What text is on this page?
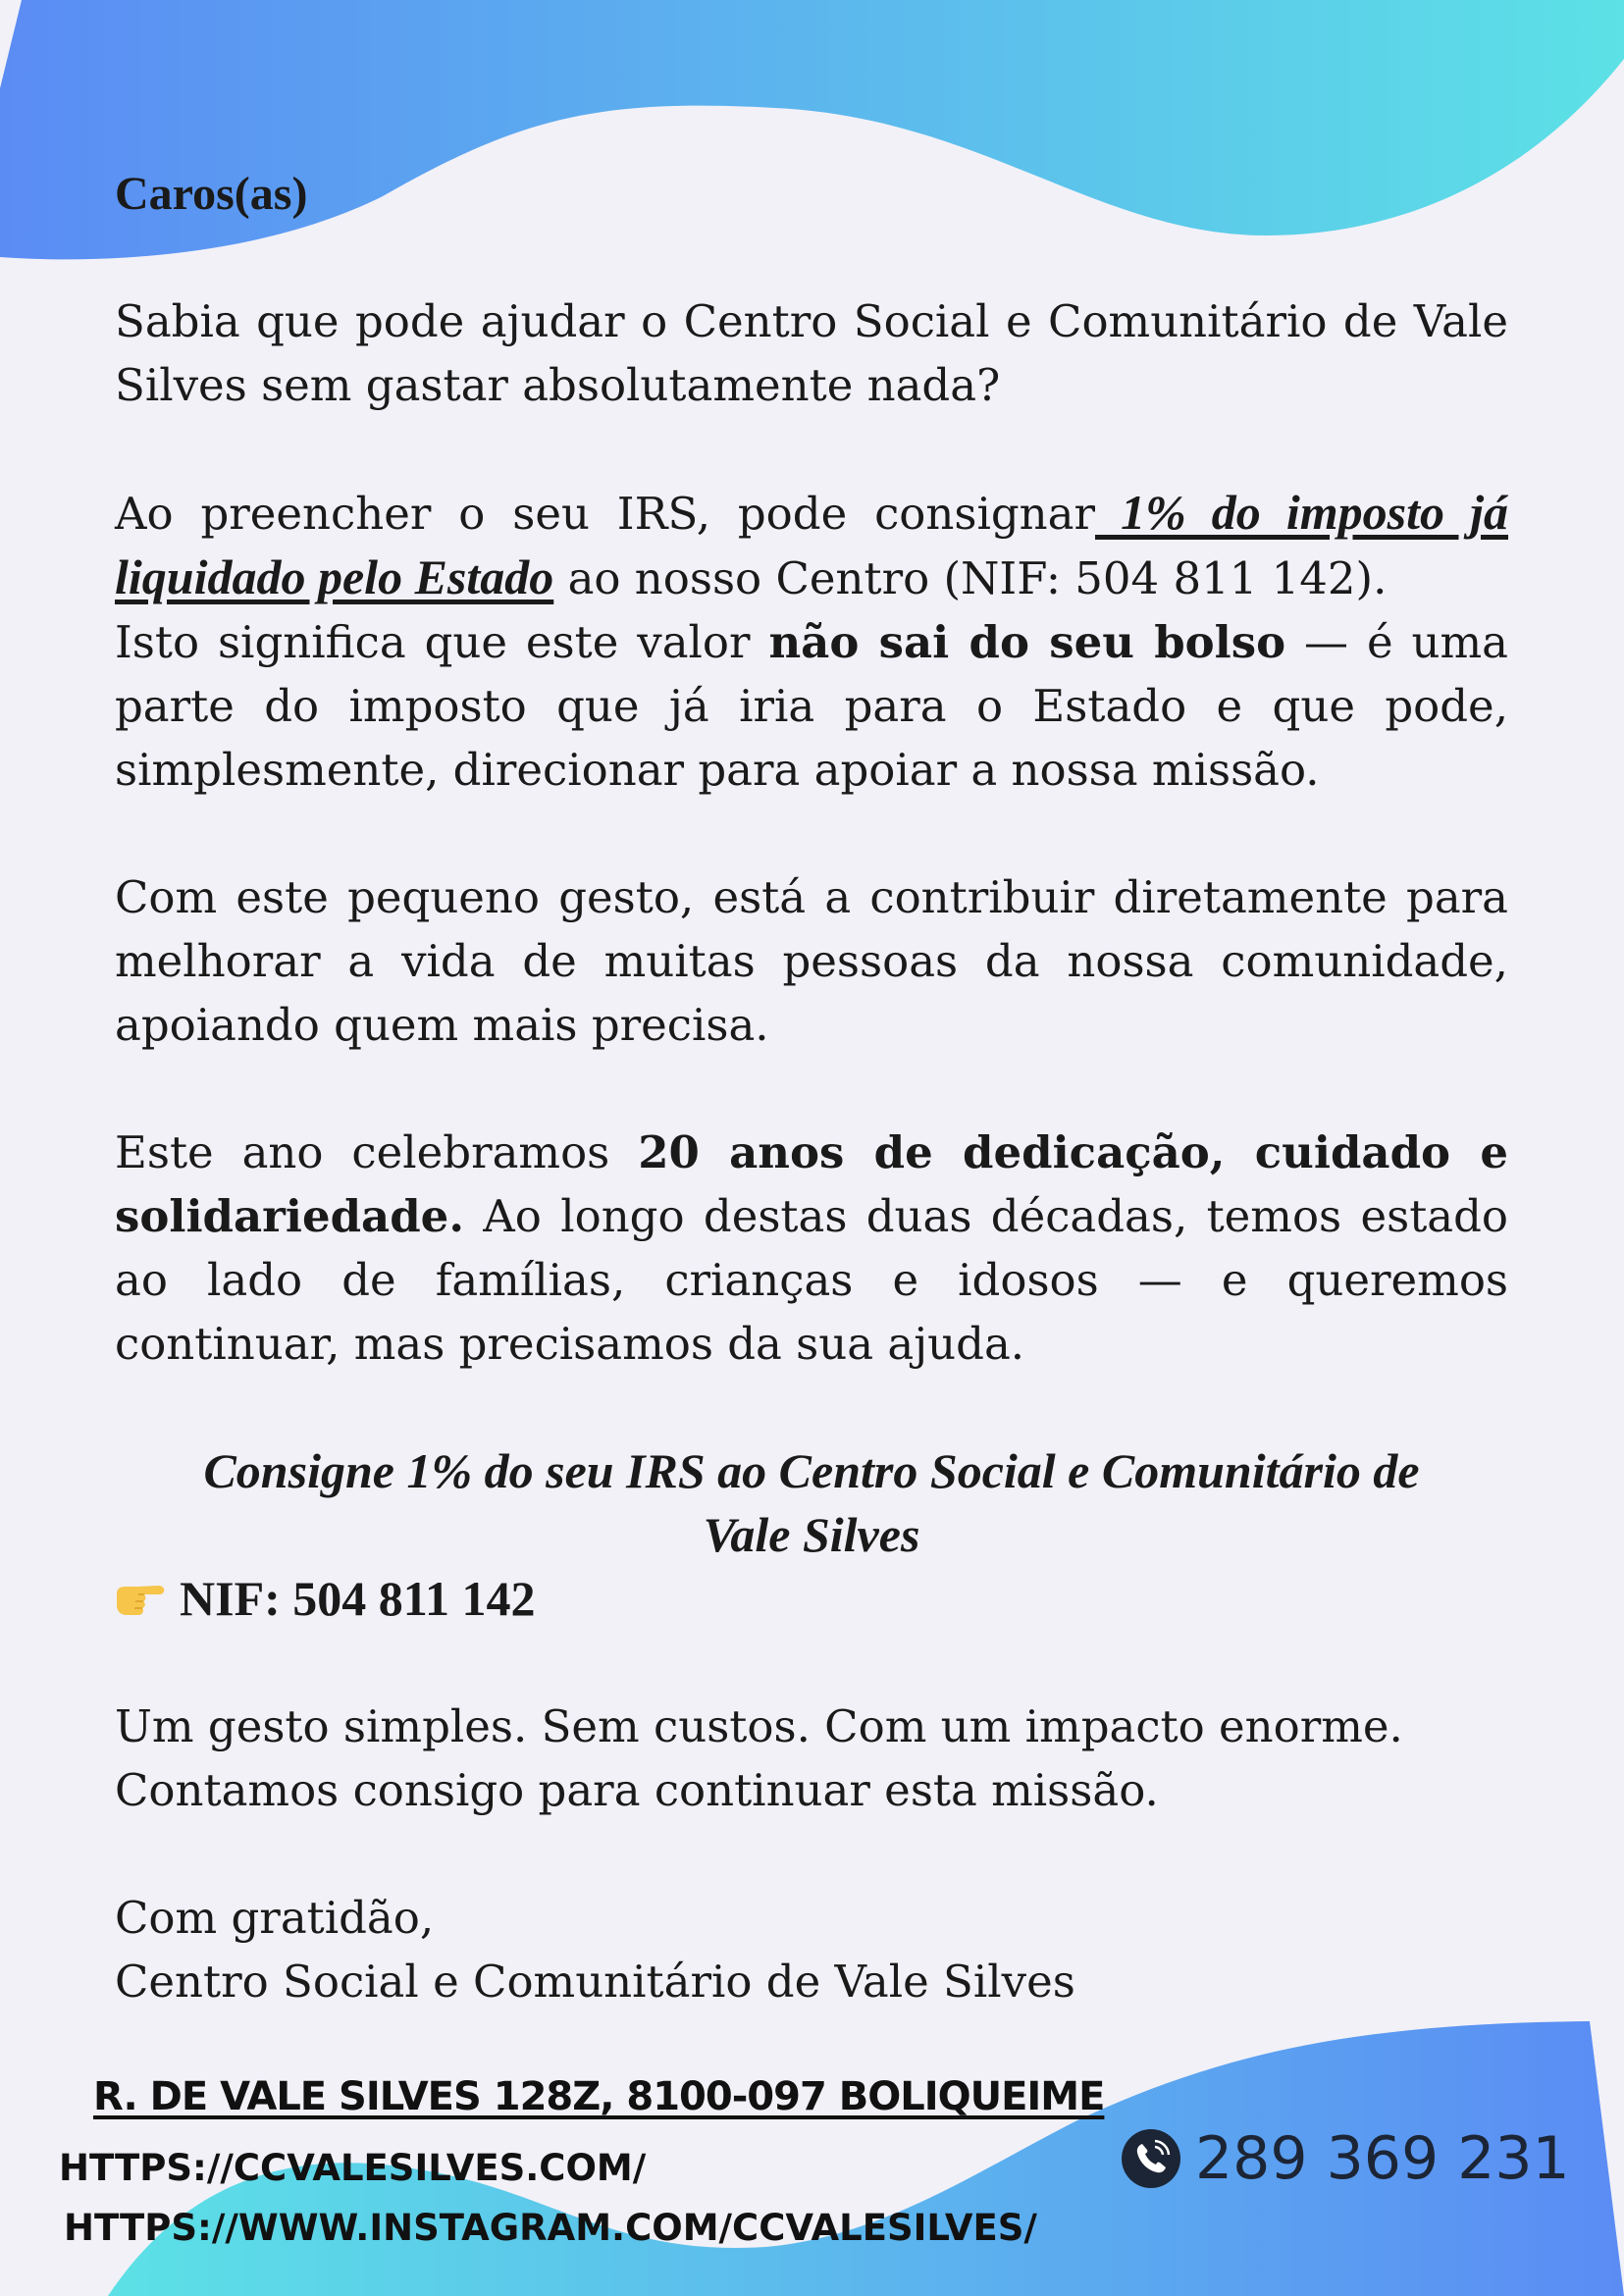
Caros(as)

Sabia que pode ajudar o Centro Social e Comunitário de Vale Silves sem gastar absolutamente nada?

Ao preencher o seu IRS, pode consignar 1% do imposto já liquidado pelo Estado ao nosso Centro (NIF: 504 811 142).

Isto significa que este valor não sai do seu bolso — é uma parte do imposto que já iria para o Estado e que pode, simplesmente, direcionar para apoiar a nossa missão.

Com este pequeno gesto, está a contribuir diretamente para melhorar a vida de muitas pessoas da nossa comunidade, apoiando quem mais precisa.

Este ano celebramos 20 anos de dedicação, cuidado e solidariedade. Ao longo destas duas décadas, temos estado ao lado de famílias, crianças e idosos — e queremos continuar, mas precisamos da sua ajuda.

Consigne 1% do seu IRS ao Centro Social e Comunitário de Vale Silves

NIF: 504 811 142

Um gesto simples. Sem custos. Com um impacto enorme.

Contamos consigo para continuar esta missão.

Com gratidão,

Centro Social e Comunitário de Vale Silves

R. DE VALE SILVES 128Z, 8100-097 BOLIQUEIME
HTTPS://CCVALESILVES.COM/
HTTPS://WWW.INSTAGRAM.COM/CCVALESILVES/
289 369 231
